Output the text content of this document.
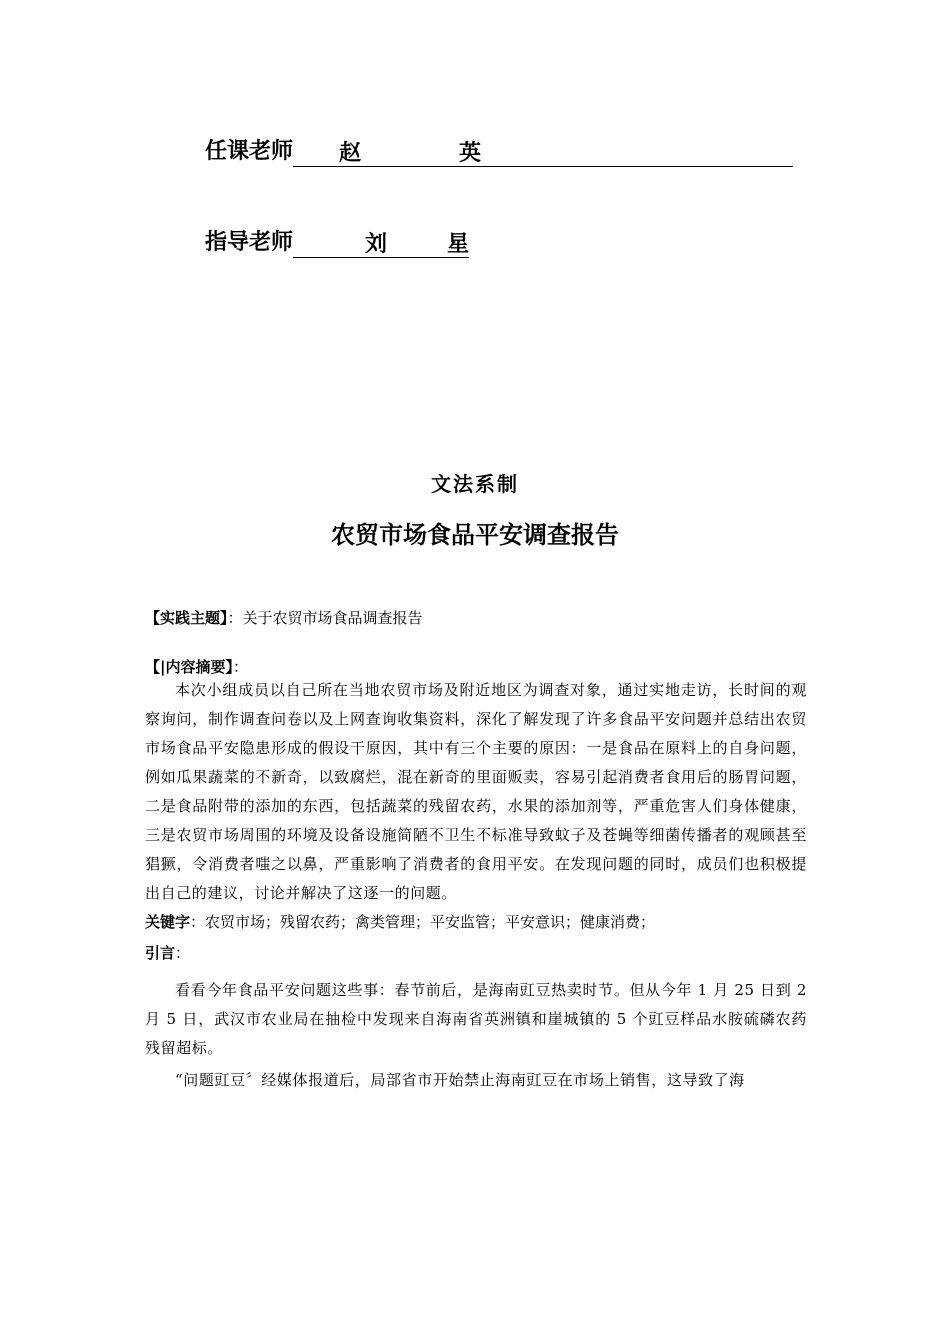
任课老师 赵	英
指导老师	刘	星
文法系制
农贸市场食品平安调查报告
【实践主题】：关于农贸市场食品调查报告
【|内容摘要】：
本次小组成员以自己所在当地农贸市场及附近地区为调查对象，通过实地走访，长时间的观察询问，制作调查问卷以及上网查询收集资料，深化了解发现了许多食品平安问题并总结出农贸市场食品平安隐患形成的假设干原因，其中有三个主要的原因：一是食品在原料上的自身问题，例如瓜果蔬菜的不新奇，以致腐烂，混在新奇的里面贩卖，容易引起消费者食用后的肠胃问题，二是食品附带的添加的东西，包括蔬菜的残留农药，水果的添加剂等，严重危害人们身体健康，三是农贸市场周围的环境及设备设施简陋不卫生不标准导致蚊子及苍蝇等细菌传播者的观顾甚至猖獗，令消费者嗤之以鼻，严重影响了消费者的食用平安。在发现问题的同时，成员们也积极提出自己的建议，讨论并解决了这逐一的问题。
关键字：农贸市场；残留农药；禽类管理；平安监管；平安意识；健康消费；
引言：
看看今年食品平安问题这些事：春节前后，是海南豇豆热卖时节。但从今年 1 月 25 日到 2 月 5 日，武汉市农业局在抽检中发现来自海南省英洲镇和崖城镇的 5 个豇豆样品水胺硫磷农药残留超标。
“问题豇豆〞经媒体报道后，局部省市开始禁止海南豇豆在市场上销售，这导致了海
